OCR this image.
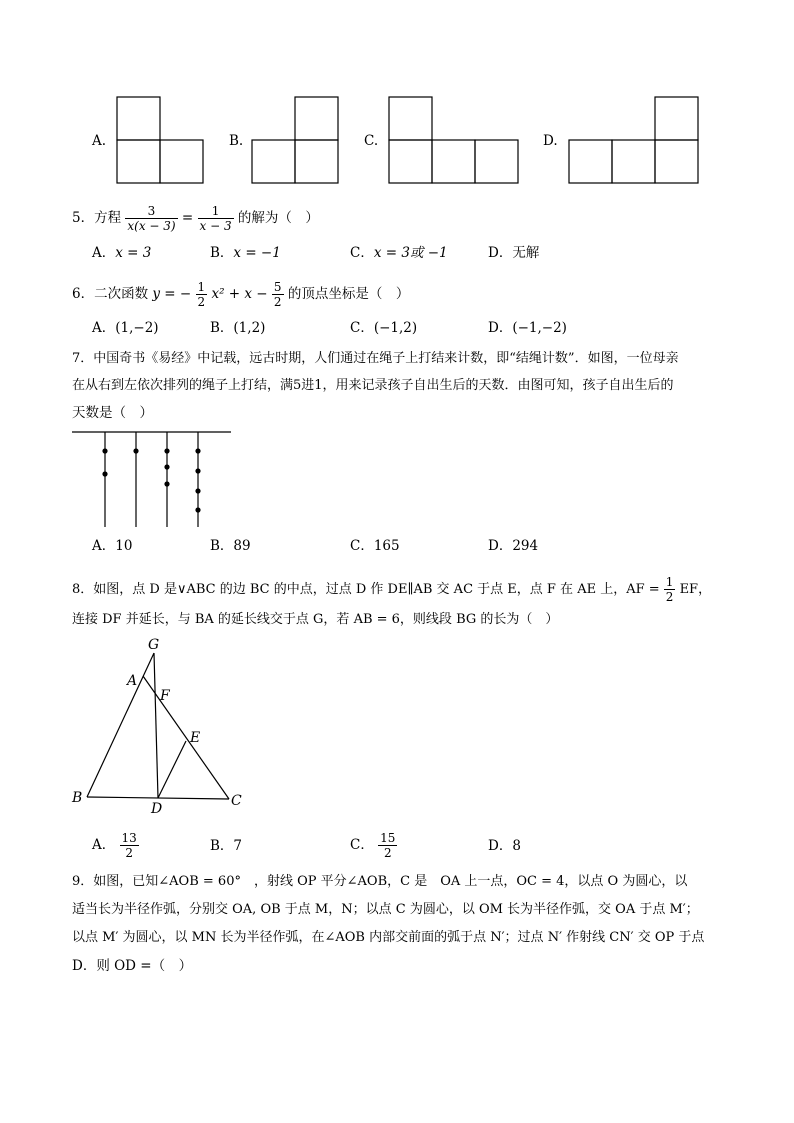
A.	B.	C.	D.
5．方程 $\frac{3}{x(x - 3)} = \frac{1}{x - 3}$ 的解为（　）
A．x = 3	B．x = −1	C．x = 3或 −1	D．无解
6．二次函数 y = − $\frac{1}{2} x^2 + x - \frac{5}{2}$ 的顶点坐标是（　）
A．(1,−2)	B．(1,2)	C．(−1,2)	D．(−1,−2)
7．中国奇书《易经》中记载，远古时期，人们通过在绳子上打结来计数，即“结绳计数”．如图，一位母亲
在从右到左依次排列的绳子上打结，满5进1，用来记录孩子自出生后的天数．由图可知，孩子自出生后的
天数是（　）
A．10	B．89	C．165	D．294
8．如图，点 D 是∨ABC 的边 BC 的中点，过点 D 作 DE∥AB 交 AC 于点 E，点 F 在 AE 上，AF = $\frac{1}{2}$ EF，
连接 DF 并延长，与 BA 的延长线交于点 G，若 AB = 6，则线段 BG 的长为（　）
G
A
F
E
B
D	C
A． $\frac{13}{2}$	B．7	C． $\frac{15}{2}$	D．8
9．如图，已知∠AOB = 60°　，射线 OP 平分∠AOB，C 是　OA 上一点，OC = 4，以点 O 为圆心，以
适当长为半径作弧，分别交 OA, OB 于点 M，N；以点 C 为圆心，以 OM 长为半径作弧，交 OA 于点 M′；
以点 M′ 为圆心，以 MN 长为半径作弧，在∠AOB 内部交前面的弧于点 N′；过点 N′ 作射线 CN′ 交 OP 于点
D．则 OD =（　）
